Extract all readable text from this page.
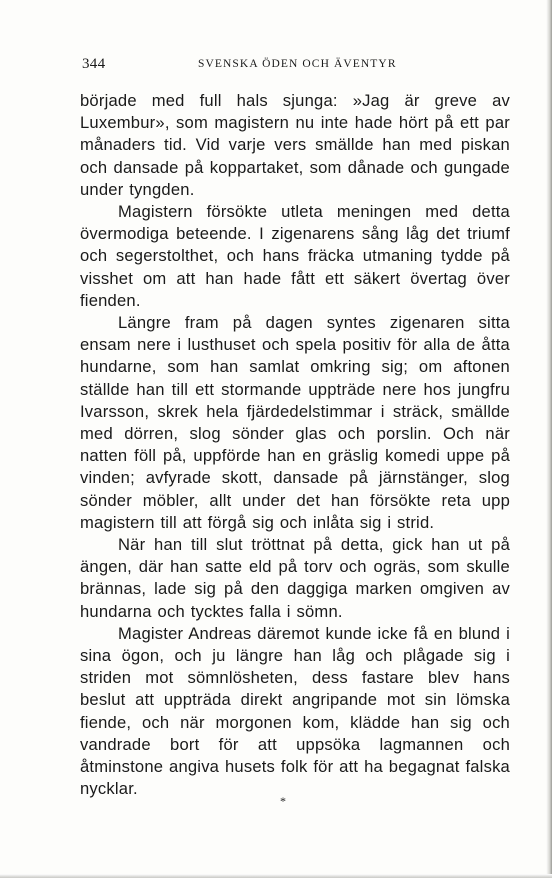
344	SVENSKA ÖDEN OCH ÄVENTYR

började med full hals sjunga: »Jag är greve av Luxembur», som magistern nu inte hade hört på ett par månaders tid. Vid varje vers smällde han med piskan och dansade på koppartaket, som dånade och gungade under tyngden.

Magistern försökte utleta meningen med detta övermodiga beteende. I zigenarens sång låg det triumf och segerstolthet, och hans fräcka utmaning tydde på visshet om att han hade fått ett säkert övertag över fienden.

Längre fram på dagen syntes zigenaren sitta ensam nere i lusthuset och spela positiv för alla de åtta hundarne, som han samlat omkring sig; om aftonen ställde han till ett stormande uppträde nere hos jungfru Ivarsson, skrek hela fjärdedelstimmar i sträck, smällde med dörren, slog sönder glas och porslin. Och när natten föll på, uppförde han en gräslig komedi uppe på vinden; avfyrade skott, dansade på järnstänger, slog sönder möbler, allt under det han försökte reta upp magistern till att förgå sig och inlåta sig i strid.

När han till slut tröttnat på detta, gick han ut på ängen, där han satte eld på torv och ogräs, som skulle brännas, lade sig på den daggiga marken omgiven av hundarna och tycktes falla i sömn.

Magister Andreas däremot kunde icke få en blund i sina ögon, och ju längre han låg och plågade sig i striden mot sömnlösheten, dess fastare blev hans beslut att uppträda direkt angripande mot sin lömska fiende, och när morgonen kom, klädde han sig och vandrade bort för att uppsöka lagmannen och åtminstone angiva husets folk för att ha begagnat falska nycklar.

*
